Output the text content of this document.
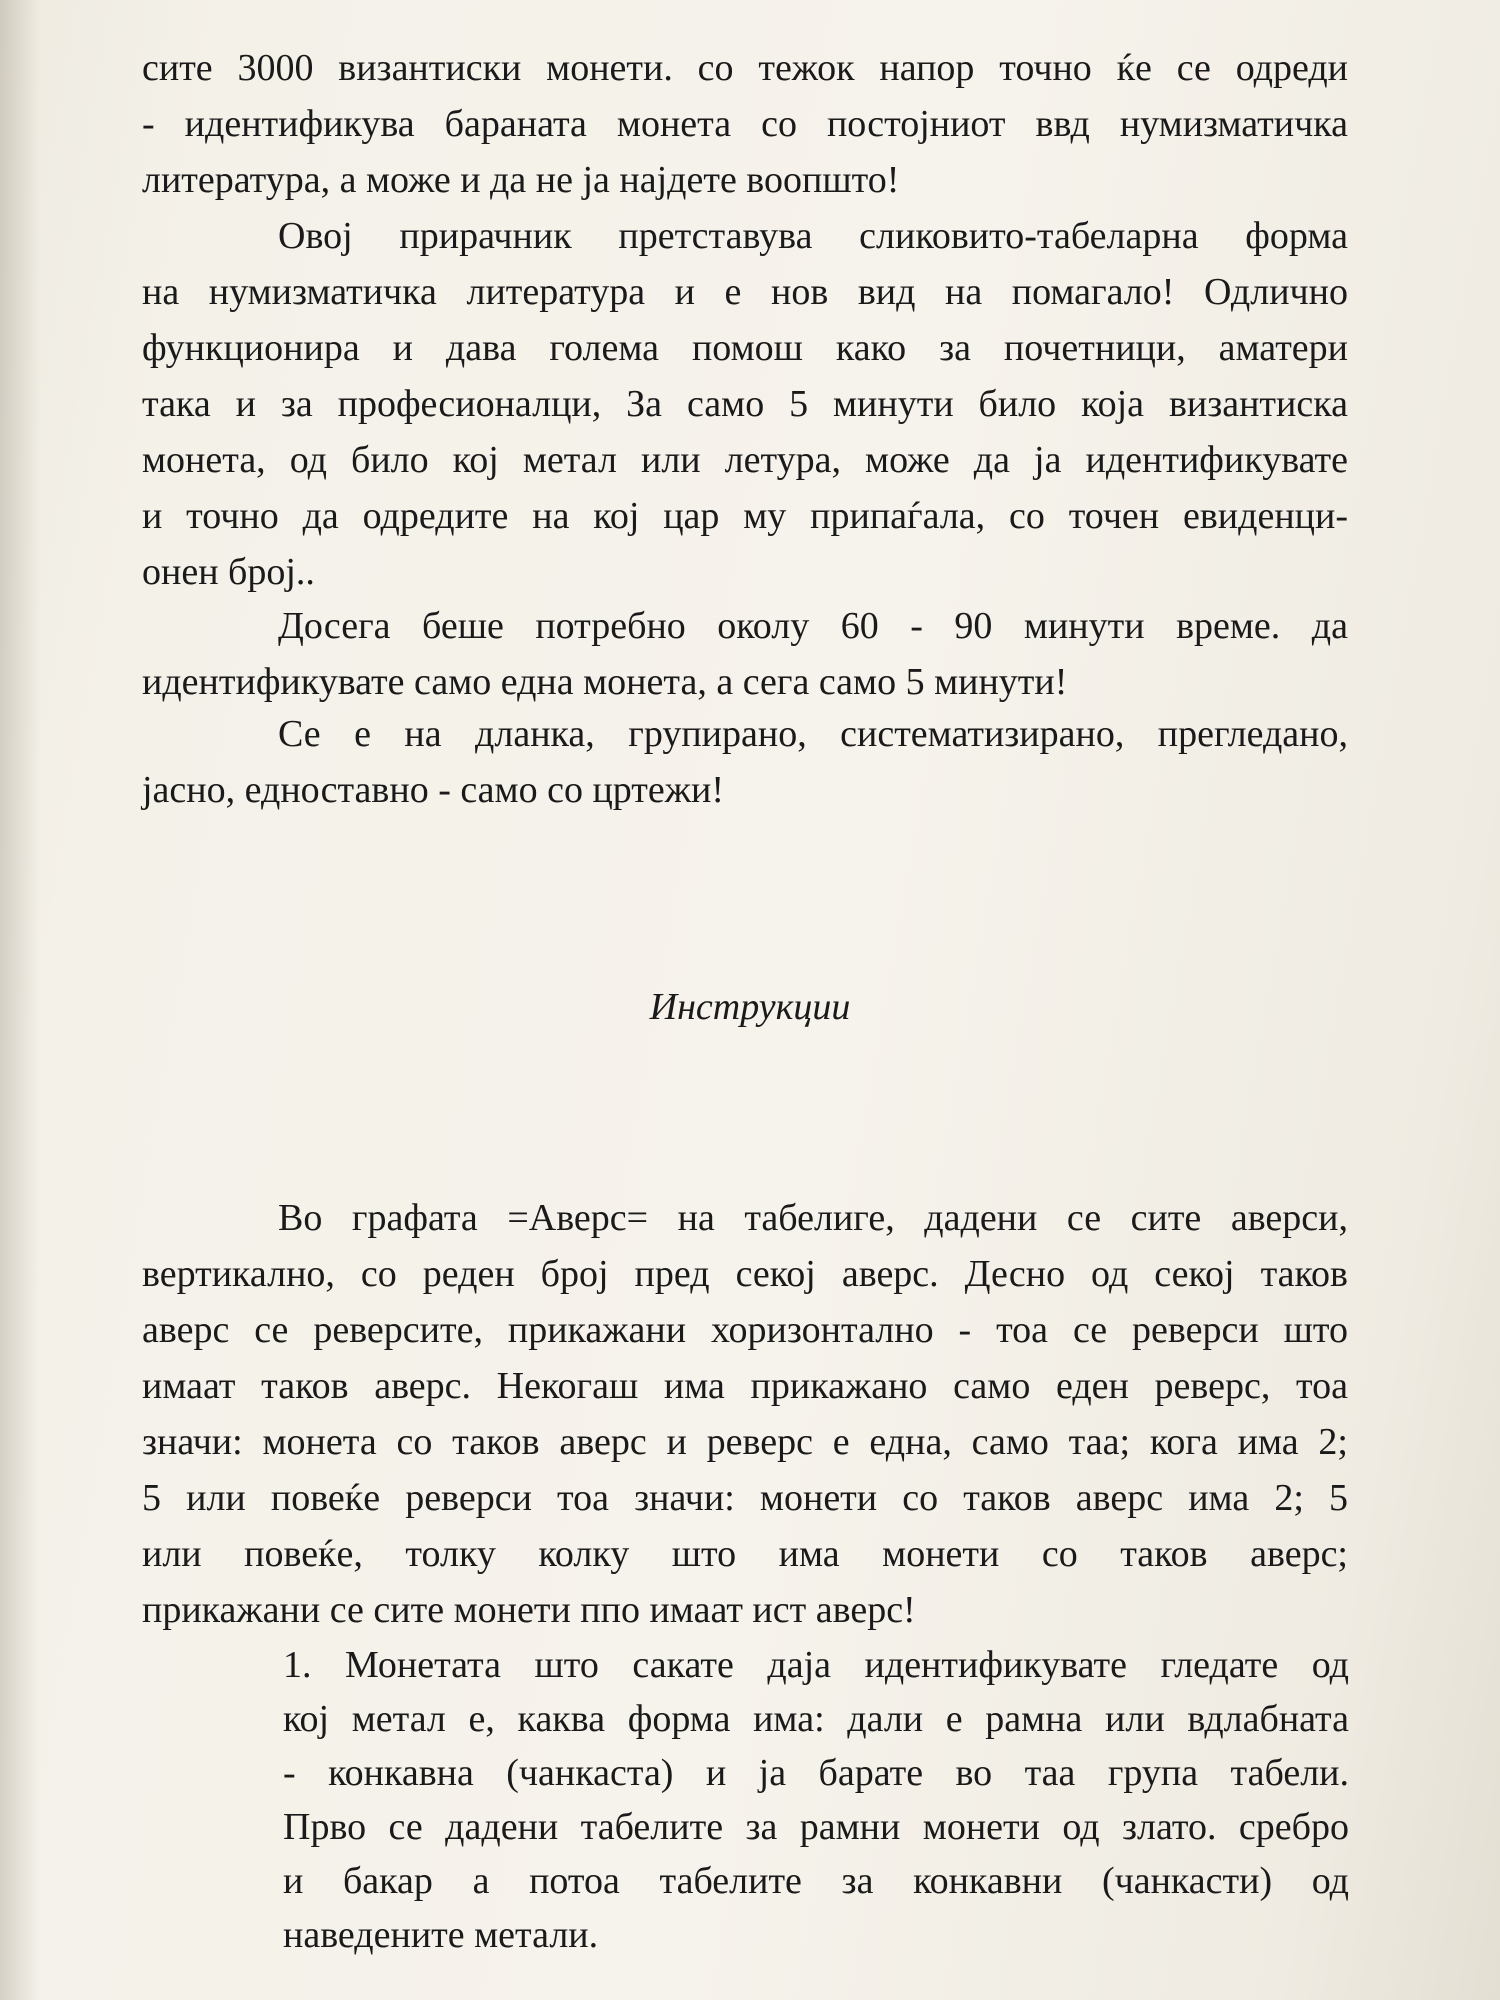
сите 3000 византиски монети. со тежок напор точно ќе се одреди
- идентификува бараната монета со постојниот ввд нумизматичка
литература, а може и да не ја најдете воопшто!
Овој прирачник претставува сликовито-табеларна форма
на нумизматичка литература и е нов вид на помагало! Одлично
функционира и дава голема помош како за почетници, аматери
така и за професионалци, За само 5 минути било која византиска
монета, од било кој метал или летура, може да ја идентификувате
и точно да одредите на кој цар му припаѓала, со точен евиденци-
онен број..
Досега беше потребно околу 60 - 90 минути време. да
идентификувате само една монета, а сега само 5 минути!
Се е на дланка, групирано, систематизирано, прегледано,
јасно, едноставно - само со цртежи!
Инструкции
Во графата =Аверс= на табелиге, дадени се сите аверси,
вертикално, со реден број пред секој аверс. Десно од секој таков
аверс се реверсите, прикажани хоризонтално - тоа се реверси што
имаат таков аверс. Некогаш има прикажано само еден реверс, тоа
значи: монета со таков аверс и реверс е една, само таа; кога има 2;
5 или повеќе реверси тоа значи: монети со таков аверс има 2; 5
или повеќе, толку колку што има монети со таков аверс;
прикажани се сите монети ппо имаат ист аверс!
1. Монетата што сакате даја идентификувате гледате од
кој метал е, каква форма има: дали е рамна или вдлабната
- конкавна (чанкаста) и ја барате во таа група табели.
Прво се дадени табелите за рамни монети од злато. сребро
и бакар а потоа табелите за конкавни (чанкасти) од
наведените метали.
